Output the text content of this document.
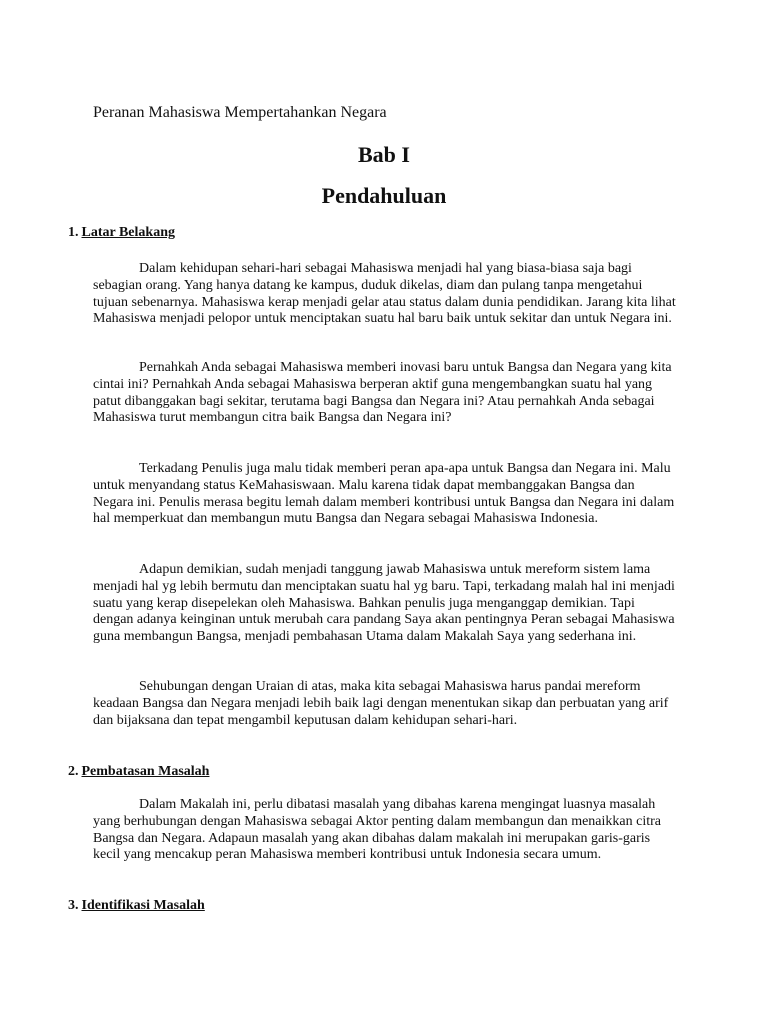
Peranan Mahasiswa Mempertahankan Negara
Bab I
Pendahuluan
1. Latar Belakang

Dalam kehidupan sehari-hari sebagai Mahasiswa menjadi hal yang biasa-biasa saja bagi sebagian orang. Yang hanya datang ke kampus, duduk dikelas, diam dan pulang tanpa mengetahui tujuan sebenarnya. Mahasiswa kerap menjadi gelar atau status dalam dunia pendidikan. Jarang kita lihat Mahasiswa menjadi pelopor untuk menciptakan suatu hal baru baik untuk sekitar dan untuk Negara ini.

Pernahkah Anda sebagai Mahasiswa memberi inovasi baru untuk Bangsa dan Negara yang kita cintai ini? Pernahkah Anda sebagai Mahasiswa berperan aktif guna mengembangkan suatu hal yang patut dibanggakan bagi sekitar, terutama bagi Bangsa dan Negara ini? Atau pernahkah Anda sebagai Mahasiswa turut membangun citra baik Bangsa dan Negara ini?

Terkadang Penulis juga malu tidak memberi peran apa-apa untuk Bangsa dan Negara ini. Malu untuk menyandang status KeMahasiswaan. Malu karena tidak dapat membanggakan Bangsa dan Negara ini. Penulis merasa begitu lemah dalam memberi kontribusi untuk Bangsa dan Negara ini dalam hal memperkuat dan membangun mutu Bangsa dan Negara sebagai Mahasiswa Indonesia.

Adapun demikian, sudah menjadi tanggung jawab Mahasiswa untuk mereform sistem lama menjadi hal yg lebih bermutu dan menciptakan suatu hal yg baru. Tapi, terkadang malah hal ini menjadi suatu yang kerap disepelekan oleh Mahasiswa. Bahkan penulis juga menganggap demikian. Tapi dengan adanya keinginan untuk merubah cara pandang Saya akan pentingnya Peran sebagai Mahasiswa guna membangun Bangsa, menjadi pembahasan Utama dalam Makalah Saya yang sederhana ini.

Sehubungan dengan Uraian di atas, maka kita sebagai Mahasiswa harus pandai mereform keadaan Bangsa dan Negara menjadi lebih baik lagi dengan menentukan sikap dan perbuatan yang arif dan bijaksana dan tepat mengambil keputusan dalam kehidupan sehari-hari.

2. Pembatasan Masalah

Dalam Makalah ini, perlu dibatasi masalah yang dibahas karena mengingat luasnya masalah yang berhubungan dengan Mahasiswa sebagai Aktor penting dalam membangun dan menaikkan citra Bangsa dan Negara. Adapaun masalah yang akan dibahas dalam makalah ini merupakan garis-garis kecil yang mencakup peran Mahasiswa memberi kontribusi untuk Indonesia secara umum.

3. Identifikasi Masalah
